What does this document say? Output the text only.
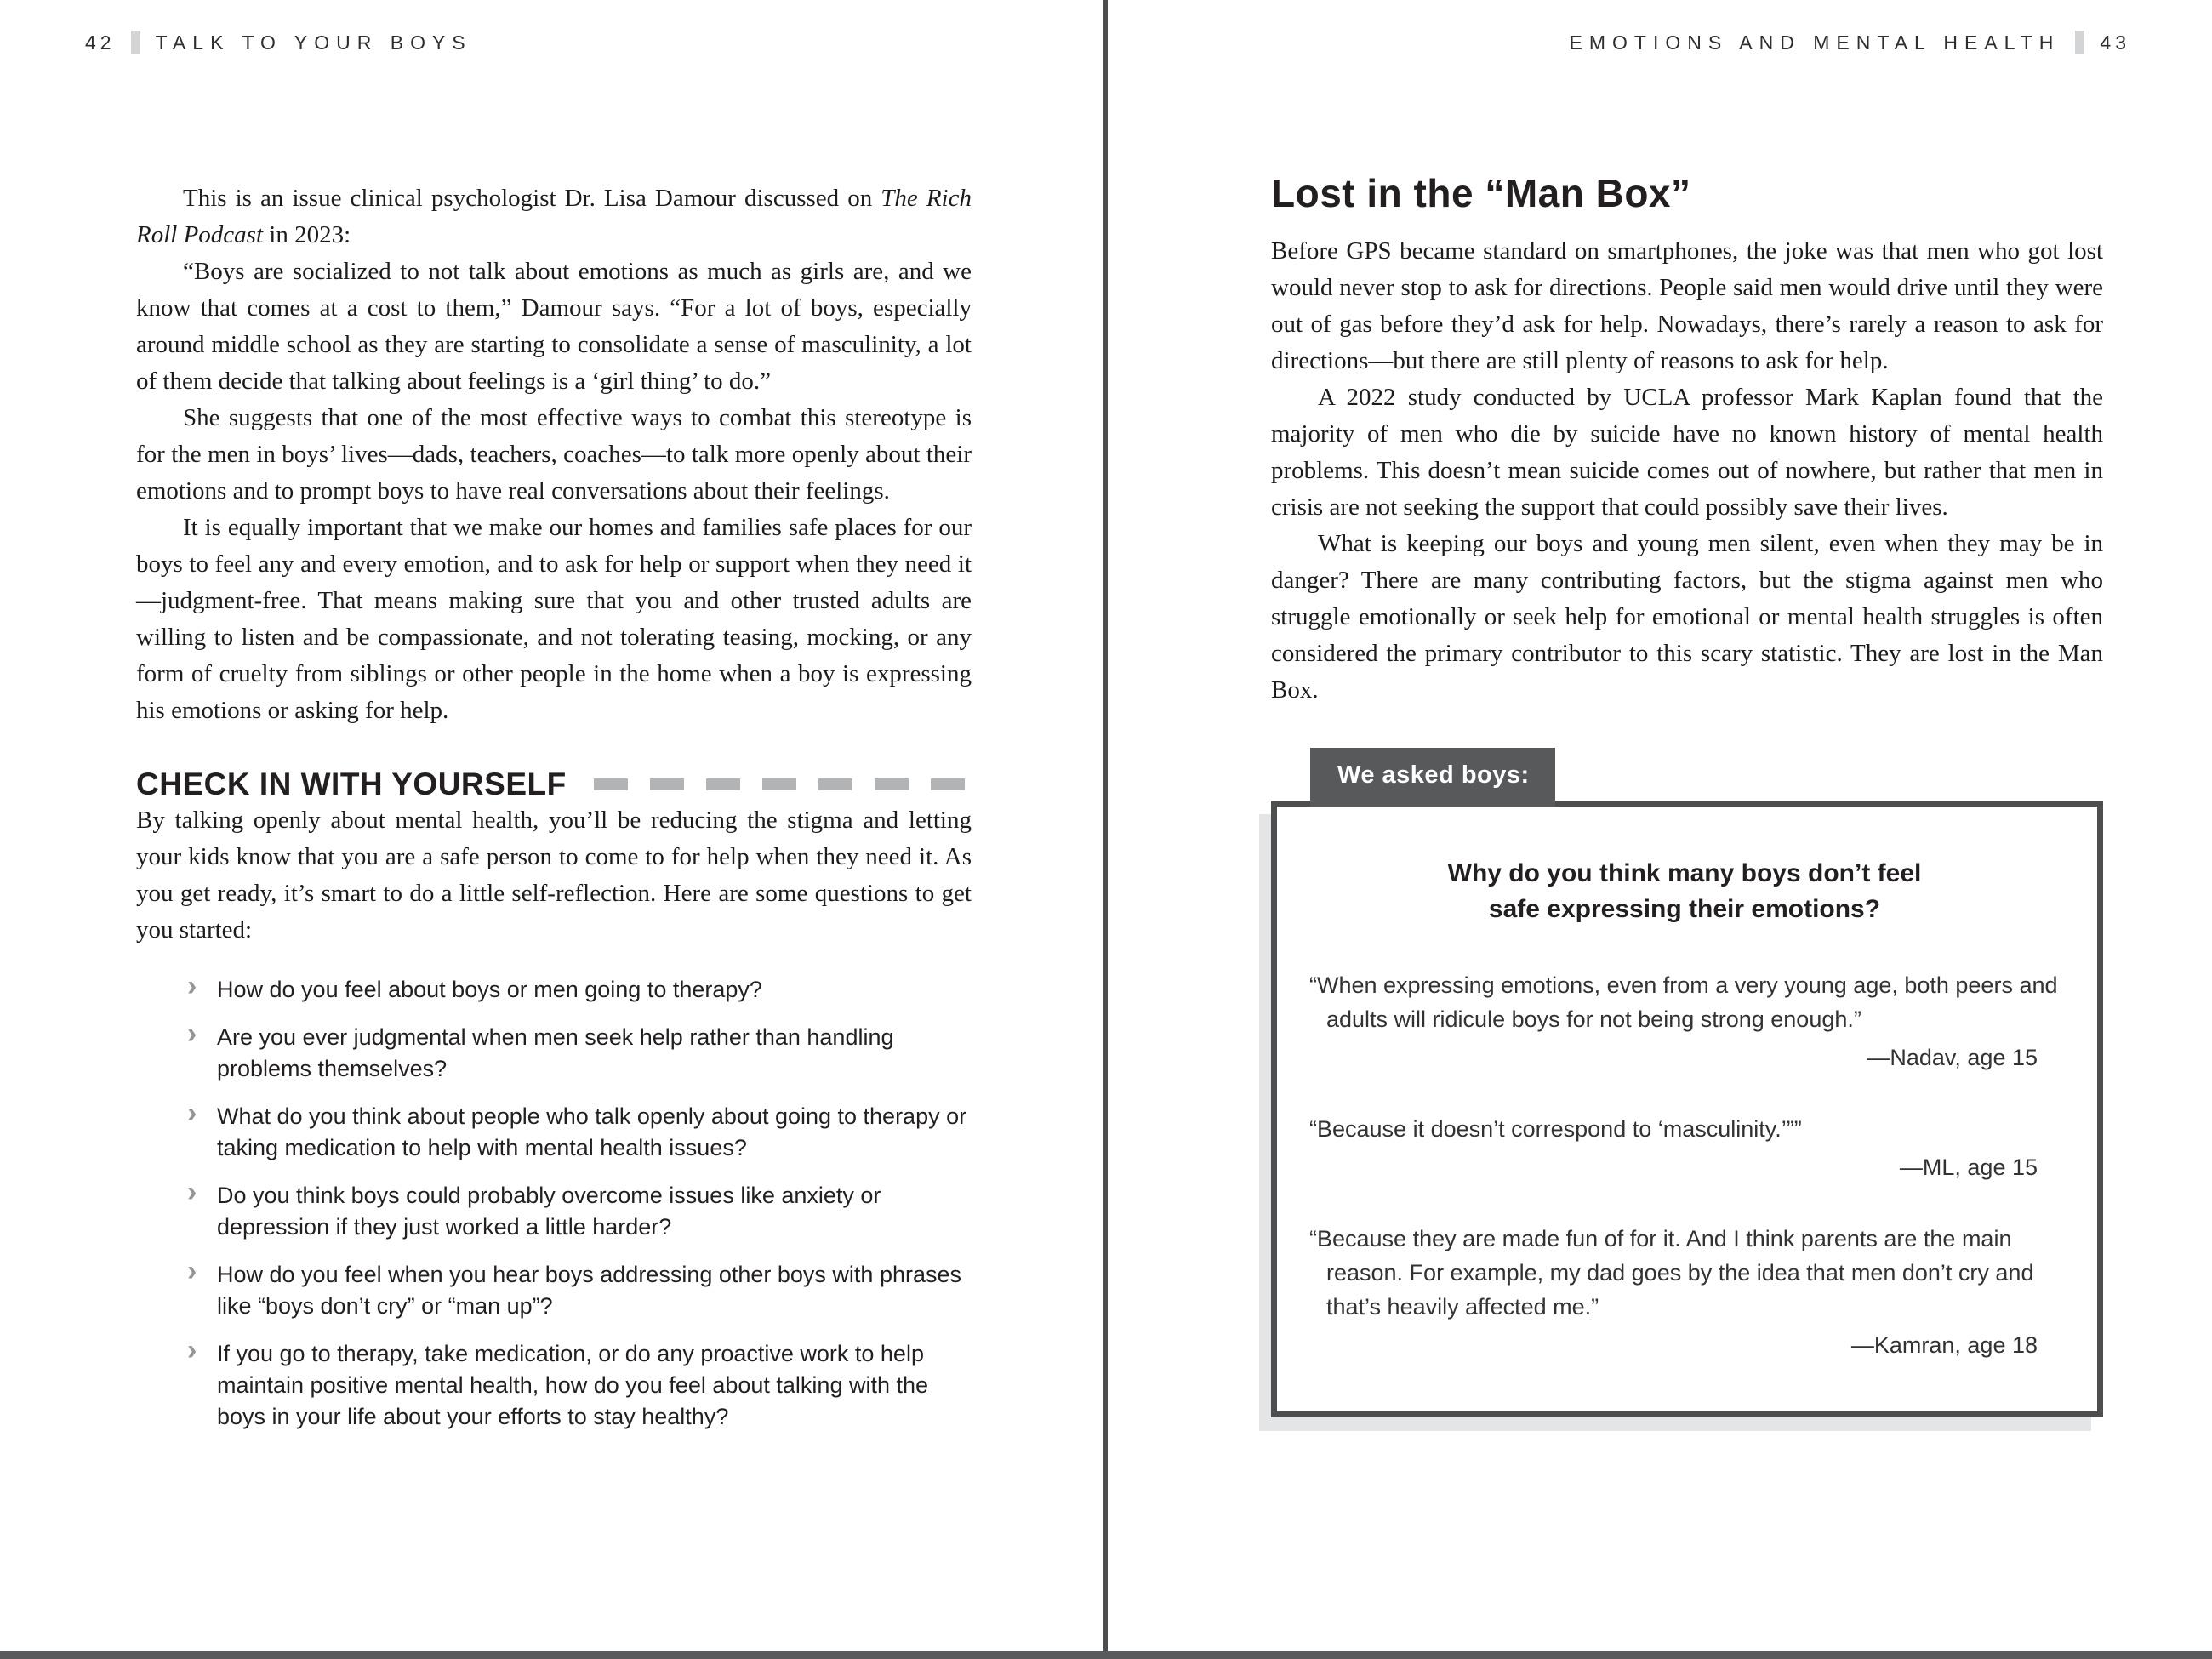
42 TALK TO YOUR BOYS	EMOTIONS AND MENTAL HEALTH 43

This is an issue clinical psychologist Dr. Lisa Damour discussed on The Rich Roll Podcast in 2023:

“Boys are socialized to not talk about emotions as much as girls are, and we know that comes at a cost to them,” Damour says. “For a lot of boys, especially around middle school as they are starting to consolidate a sense of masculinity, a lot of them decide that talking about feelings is a ‘girl thing’ to do.”

She suggests that one of the most effective ways to combat this stereotype is for the men in boys’ lives—dads, teachers, coaches—to talk more openly about their emotions and to prompt boys to have real conversations about their feelings.

It is equally important that we make our homes and families safe places for our boys to feel any and every emotion, and to ask for help or support when they need it—judgment-free. That means making sure that you and other trusted adults are willing to listen and be compassionate, and not tolerating teasing, mocking, or any form of cruelty from siblings or other people in the home when a boy is expressing his emotions or asking for help.

CHECK IN WITH YOURSELF

By talking openly about mental health, you’ll be reducing the stigma and letting your kids know that you are a safe person to come to for help when they need it. As you get ready, it’s smart to do a little self-reflection. Here are some questions to get you started:

› How do you feel about boys or men going to therapy?
› Are you ever judgmental when men seek help rather than handling problems themselves?
› What do you think about people who talk openly about going to therapy or taking medication to help with mental health issues?
› Do you think boys could probably overcome issues like anxiety or depression if they just worked a little harder?
› How do you feel when you hear boys addressing other boys with phrases like “boys don’t cry” or “man up”?
› If you go to therapy, take medication, or do any proactive work to help maintain positive mental health, how do you feel about talking with the boys in your life about your efforts to stay healthy?
Lost in the “Man Box”

Before GPS became standard on smartphones, the joke was that men who got lost would never stop to ask for directions. People said men would drive until they were out of gas before they’d ask for help. Nowadays, there’s rarely a reason to ask for directions—but there are still plenty of reasons to ask for help.

A 2022 study conducted by UCLA professor Mark Kaplan found that the majority of men who die by suicide have no known history of mental health problems. This doesn’t mean suicide comes out of nowhere, but rather that men in crisis are not seeking the support that could possibly save their lives.

What is keeping our boys and young men silent, even when they may be in danger? There are many contributing factors, but the stigma against men who struggle emotionally or seek help for emotional or mental health struggles is often considered the primary contributor to this scary statistic. They are lost in the Man Box.

We asked boys:
Why do you think many boys don’t feel safe expressing their emotions?

“When expressing emotions, even from a very young age, both peers and adults will ridicule boys for not being strong enough.”

—Nadav, age 15

“Because it doesn’t correspond to ‘masculinity.’””

—ML, age 15

“Because they are made fun of for it. And I think parents are the main reason. For example, my dad goes by the idea that men don’t cry and that’s heavily affected me.”

—Kamran, age 18
